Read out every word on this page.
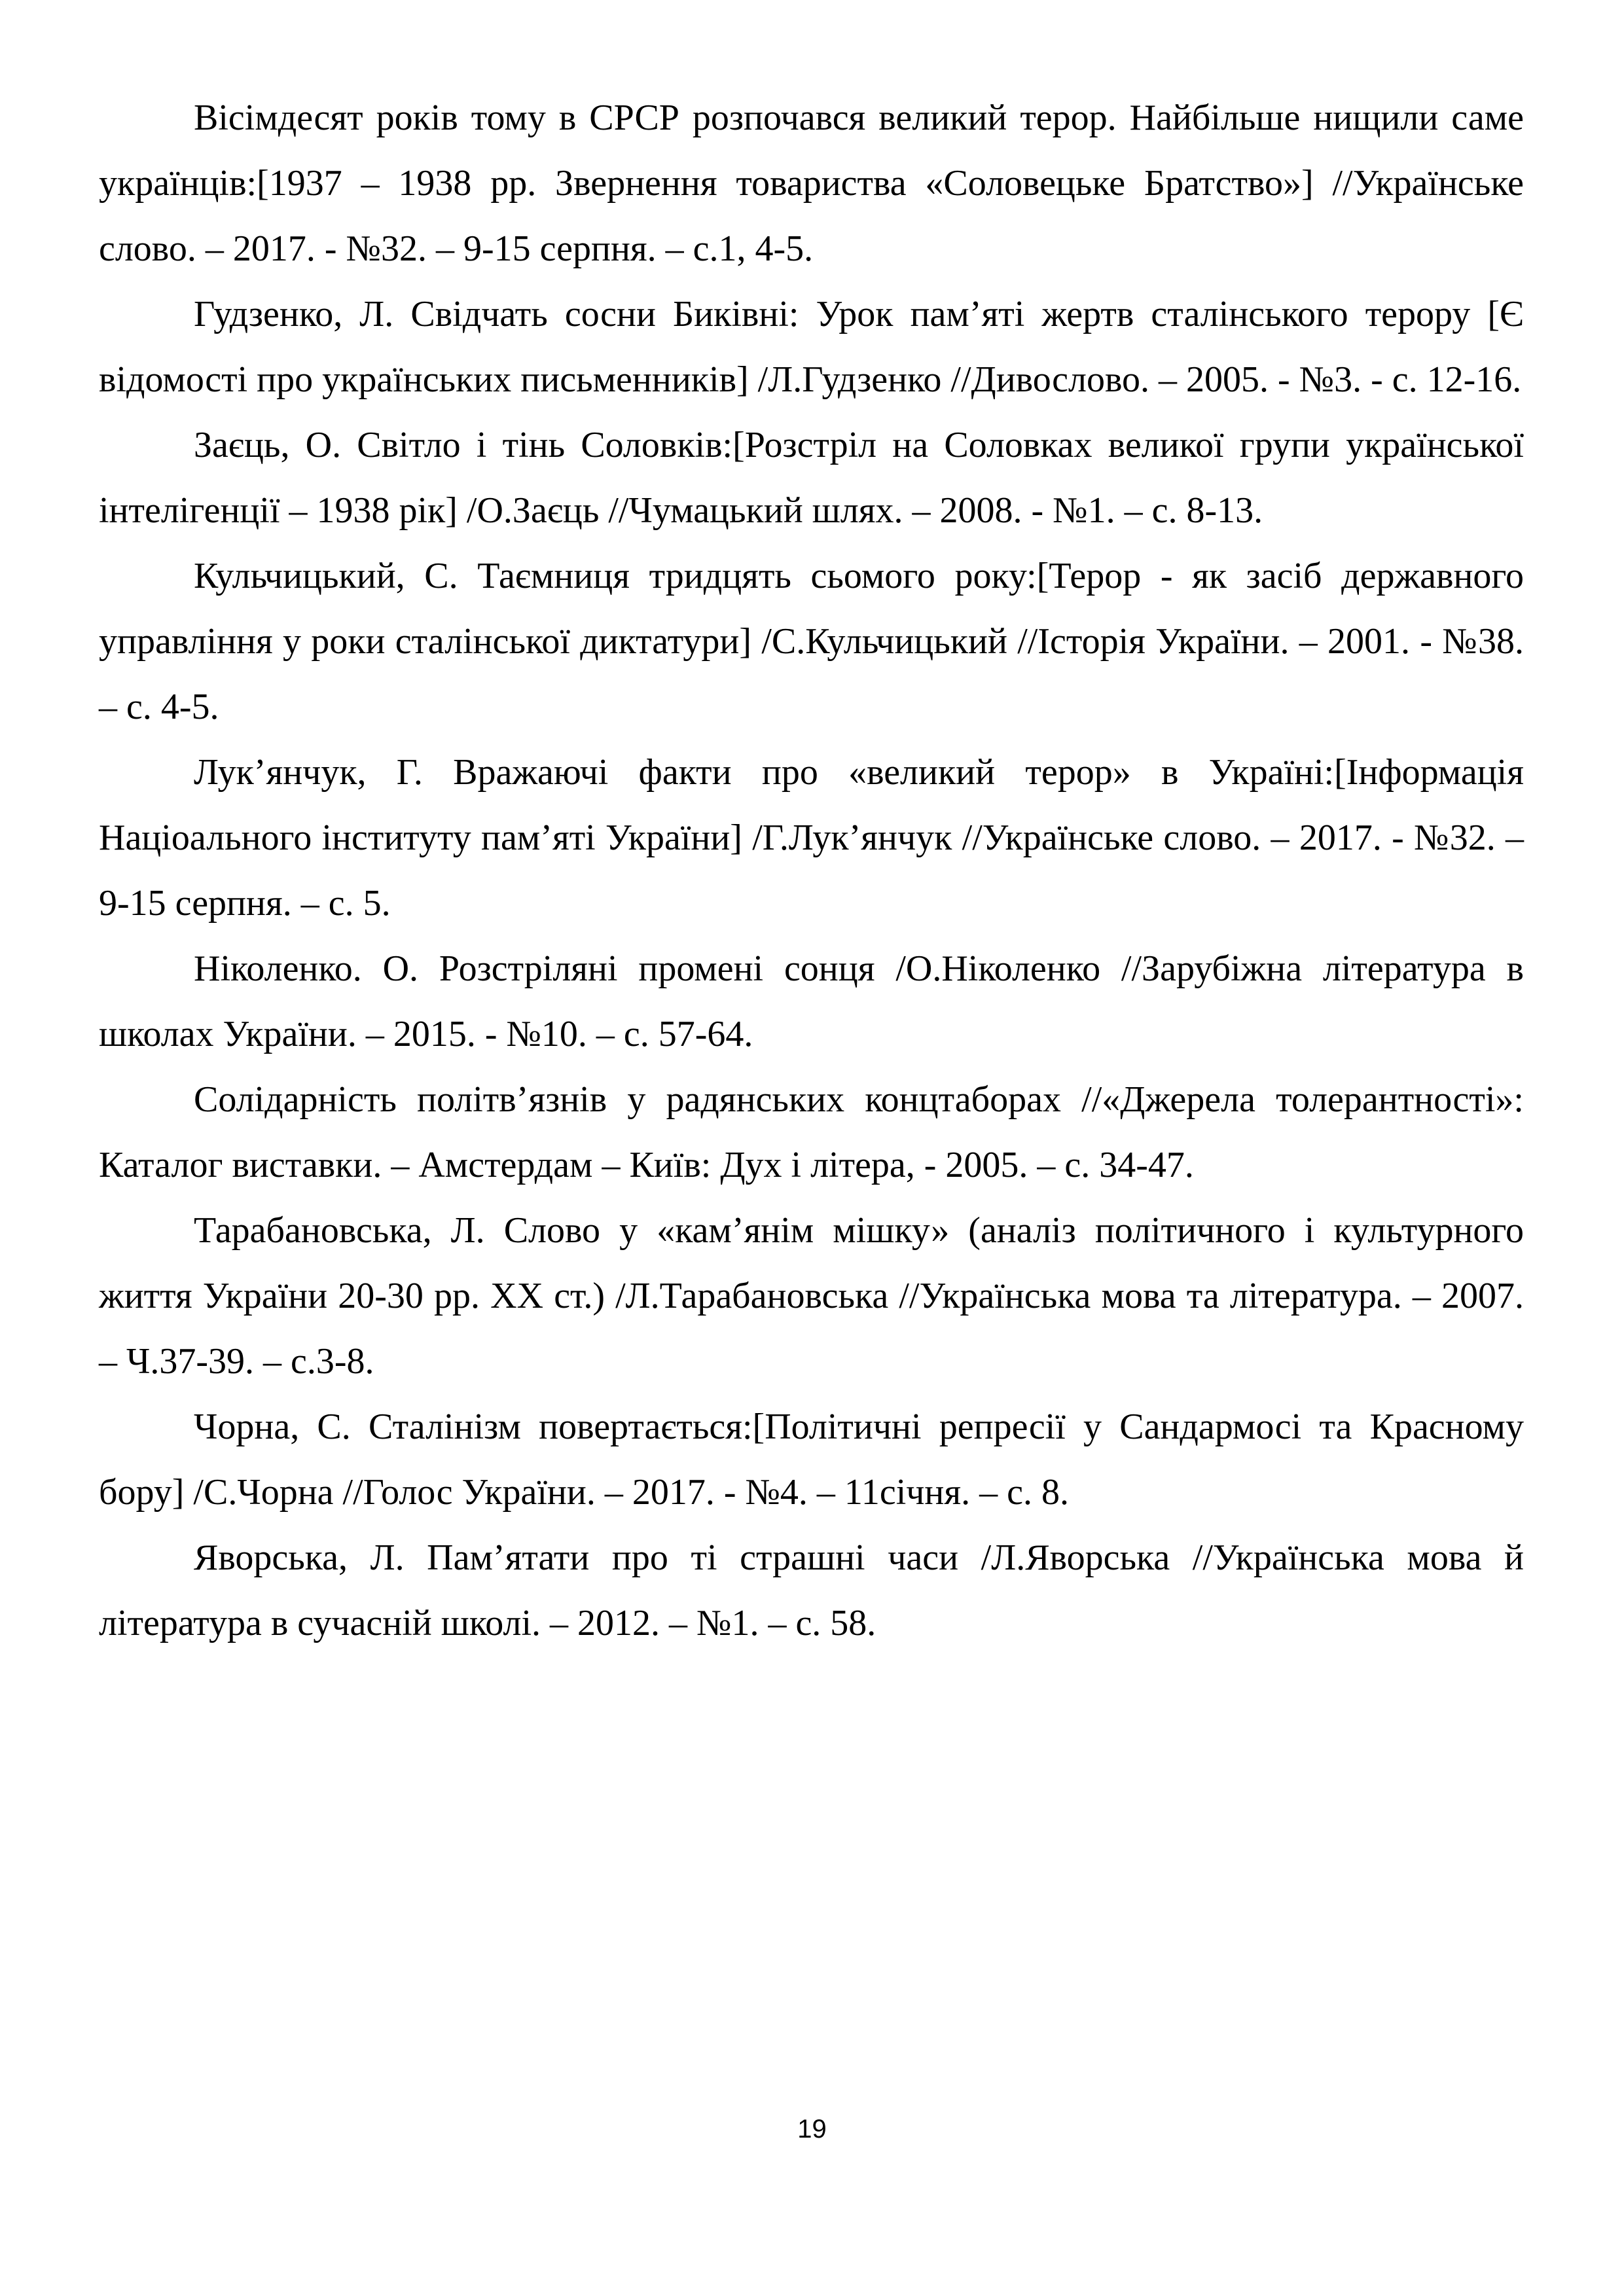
Вісімдесят років тому в СРСР розпочався великий терор. Найбільше нищили саме українців:[1937 – 1938 рр. Звернення товариства «Соловецьке Братство»] //Українське слово. – 2017. - №32. – 9-15 серпня. – с.1, 4-5.

Гудзенко, Л. Свідчать сосни Биківні: Урок пам’яті жертв сталінського терору [Є відомості про українських письменників] /Л.Гудзенко //Дивослово. – 2005. - №3. - с. 12-16.

Заєць, О. Світло і тінь Соловків:[Розстріл на Соловках великої групи української інтелігенції – 1938 рік] /О.Заєць //Чумацький шлях. – 2008. - №1. – с. 8-13.

Кульчицький, С. Таємниця тридцять сьомого року:[Терор - як засіб державного управління у роки сталінської диктатури] /С.Кульчицький //Історія України. – 2001. - №38. – с. 4-5.

Лук’янчук, Г. Вражаючі факти про «великий терор» в Україні:[Інформація Націоального інституту пам’яті України] /Г.Лук’янчук //Українське слово. – 2017. - №32. – 9-15 серпня. – с. 5.

Ніколенко. О. Розстріляні промені сонця /О.Ніколенко //Зарубіжна література в школах України. – 2015. - №10. – с. 57-64.

Солідарність політв’язнів у радянських концтаборах //«Джерела толерантності»: Каталог виставки. – Амстердам – Київ: Дух і літера, - 2005. – с. 34-47.

Тарабановська, Л. Слово у «кам’янім мішку» (аналіз політичного і культурного життя України 20-30 рр. ХХ ст.) /Л.Тарабановська //Українська мова та література. – 2007. – Ч.37-39. – с.3-8.

Чорна, С. Сталінізм повертається:[Політичні репресії у Сандармосі та Красному бору] /С.Чорна //Голос України. – 2017. - №4. – 11січня. – с. 8.

Яворська, Л. Пам’ятати про ті страшні часи /Л.Яворська //Українська мова й література в сучасній школі. – 2012. – №1. – с. 58.

19
